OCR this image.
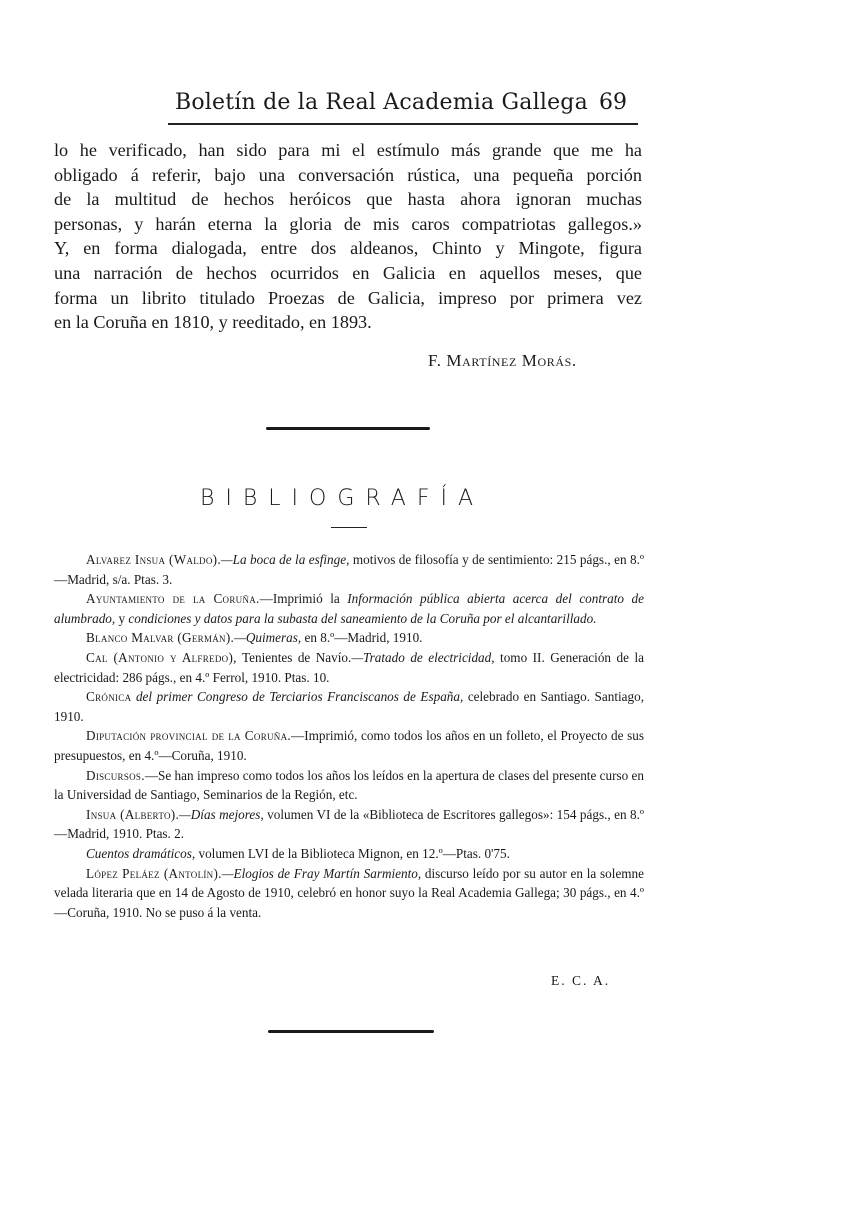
Boletín de la Real Academia Gallega 69

lo he verificado, han sido para mi el estímulo más grande que me ha
obligado á referir, bajo una conversación rústica, una pequeña porción
de la multitud de hechos heróicos que hasta ahora ignoran muchas
personas, y harán eterna la gloria de mis caros compatriotas gallegos.»
Y, en forma dialogada, entre dos aldeanos, Chinto y Mingote, figura
una narración de hechos ocurridos en Galicia en aquellos meses, que
forma un librito titulado Proezas de Galicia, impreso por primera vez
en la Coruña en 1810, y reeditado, en 1893.

F. Martínez Morás.
BIBLIOGRAFÍA

Alvarez Insua (Waldo).—La boca de la esfinge, motivos de filosofía y de sentimiento: 215 págs., en 8.º—Madrid, s/a. Ptas. 3.

Ayuntamiento de la Coruña.—Imprimió la Información pública abierta acerca del contrato de alumbrado, y condiciones y datos para la subasta del saneamiento de la Coruña por el alcantarillado.

Blanco Malvar (Germán).—Quimeras, en 8.º—Madrid, 1910.

Cal (Antonio y Alfredo), Tenientes de Navío.—Tratado de electricidad, tomo II. Generación de la electricidad: 286 págs., en 4.º Ferrol, 1910. Ptas. 10.

Crónica del primer Congreso de Terciarios Franciscanos de España, celebrado en Santiago. Santiago, 1910.

Diputación provincial de la Coruña.—Imprimió, como todos los años en un folleto, el Proyecto de sus presupuestos, en 4.º—Coruña, 1910.

Discursos.—Se han impreso como todos los años los leídos en la apertura de clases del presente curso en la Universidad de Santiago, Seminarios de la Región, etc.

Insua (Alberto).—Días mejores, volumen VI de la «Biblioteca de Escritores gallegos»: 154 págs., en 8.º—Madrid, 1910. Ptas. 2.

Cuentos dramáticos, volumen LVI de la Biblioteca Mignon, en 12.º—Ptas. 0'75.

López Peláez (Antolín).—Elogios de Fray Martín Sarmiento, discurso leído por su autor en la solemne velada literaria que en 14 de Agosto de 1910, celebró en honor suyo la Real Academia Gallega; 30 págs., en 4.º—Coruña, 1910. No se puso á la venta.

E. C. A.
